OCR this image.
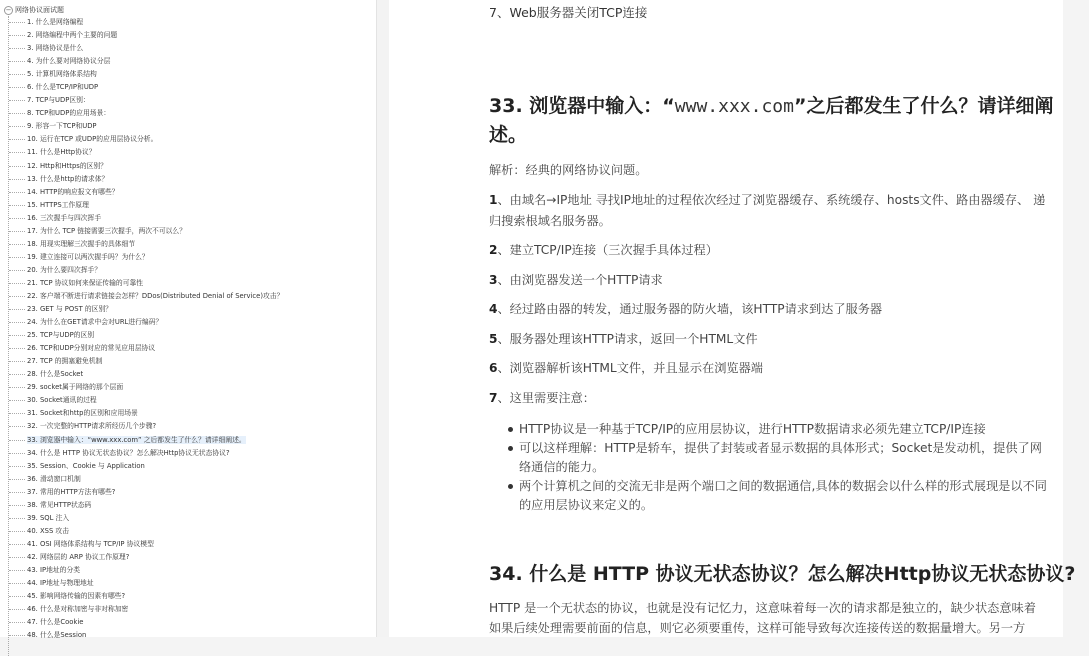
− 网络协议面试题
1. 什么是网络编程
2. 网络编程中两个主要的问题
3. 网络协议是什么
4. 为什么要对网络协议分层
5. 计算机网络体系结构
6. 什么是TCP/IP和UDP
7. TCP与UDP区别：
8. TCP和UDP的应用场景：
9. 形容一下TCP和UDP
10. 运行在TCP 或UDP的应用层协议分析。
11. 什么是Http协议？
12. Http和Https的区别？
13. 什么是http的请求体？
14. HTTP的响应报文有哪些？
15. HTTPS工作原理
16. 三次握手与四次挥手
17. 为什么 TCP 链接需要三次握手，两次不可以么？
18. 用现实理解三次握手的具体细节
19. 建立连接可以两次握手吗？为什么？
20. 为什么要四次挥手？
21. TCP 协议如何来保证传输的可靠性
22. 客户端不断进行请求链接会怎样？DDos(Distributed Denial of Service)攻击？
23. GET 与 POST 的区别？
24. 为什么在GET请求中会对URL进行编码？
25. TCP与UDP的区别
26. TCP和UDP分别对应的常见应用层协议
27. TCP 的拥塞避免机制
28. 什么是Socket
29. socket属于网络的那个层面
30. Socket通讯的过程
31. Socket和http的区别和应用场景
32. 一次完整的HTTP请求所经历几个步骤?
33. 浏览器中输入：“www.xxx.com” 之后都发生了什么？请详细阐述。
34. 什么是 HTTP 协议无状态协议？怎么解决Http协议无状态协议?
35. Session、Cookie 与 Application
36. 滑动窗口机制
37. 常用的HTTP方法有哪些?
38. 常见HTTP状态码
39. SQL 注入
40. XSS 攻击
41. OSI 网络体系结构与 TCP/IP 协议模型
42. 网络层的 ARP 协议工作原理?
43. IP地址的分类
44. IP地址与物理地址
45. 影响网络传输的因素有哪些?
46. 什么是对称加密与非对称加密
47. 什么是Cookie
48. 什么是Session
7、Web服务器关闭TCP连接
33. 浏览器中输入：“www.xxx.com”之后都发生了什么？请详细阐
述。
解析：经典的网络协议问题。
1、由域名→IP地址 寻找IP地址的过程依次经过了浏览器缓存、系统缓存、hosts文件、路由器缓存、 递
归搜索根域名服务器。
2、建立TCP/IP连接（三次握手具体过程）
3、由浏览器发送一个HTTP请求
4、经过路由器的转发，通过服务器的防火墙，该HTTP请求到达了服务器
5、服务器处理该HTTP请求，返回一个HTML文件
6、浏览器解析该HTML文件，并且显示在浏览器端
7、这里需要注意：
HTTP协议是一种基于TCP/IP的应用层协议，进行HTTP数据请求必须先建立TCP/IP连接
可以这样理解：HTTP是轿车，提供了封装或者显示数据的具体形式；Socket是发动机，提供了网
络通信的能力。
两个计算机之间的交流无非是两个端口之间的数据通信,具体的数据会以什么样的形式展现是以不同
的应用层协议来定义的。
34. 什么是 HTTP 协议无状态协议？怎么解决Http协议无状态协议?
HTTP 是一个无状态的协议，也就是没有记忆力，这意味着每一次的请求都是独立的，缺少状态意味着
如果后续处理需要前面的信息，则它必须要重传，这样可能导致每次连接传送的数据量增大。另一方
